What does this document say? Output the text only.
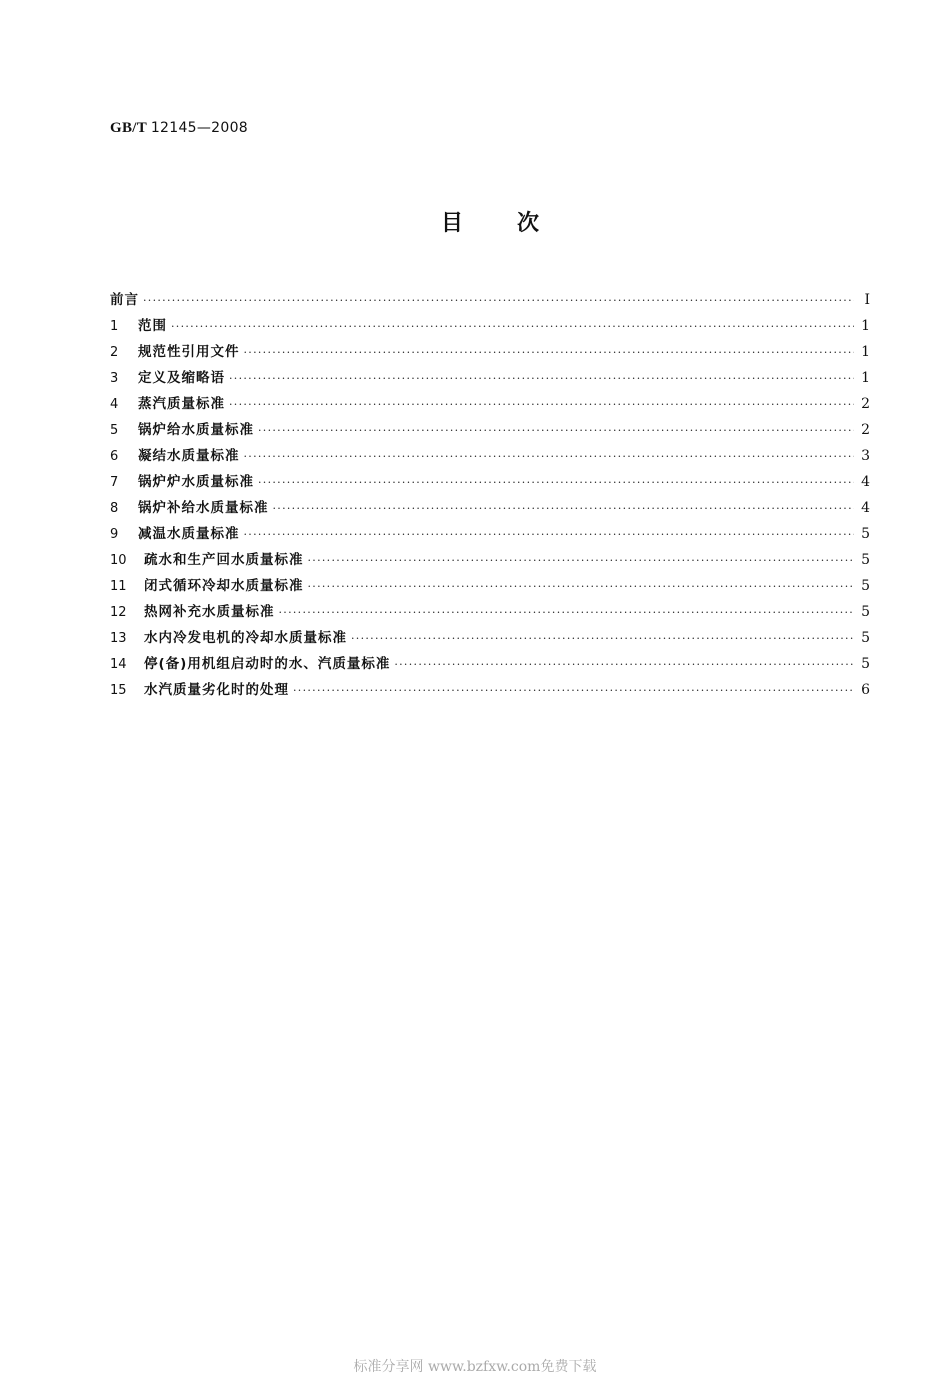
GB/T 12145—2008
目 次
前言 ·····	Ⅰ
1	范围 ·····	1
2	规范性引用文件 ·····	1
3	定义及缩略语 ·····	1
4	蒸汽质量标准 ·····	2
5	锅炉给水质量标准 ·····	2
6	凝结水质量标准 ·····	3
7	锅炉炉水质量标准 ·····	4
8	锅炉补给水质量标准 ·····	4
9	减温水质量标准 ·····	5
10	疏水和生产回水质量标准 ·····	5
11	闭式循环冷却水质量标准 ·····	5
12	热网补充水质量标准 ·····	5
13	水内冷发电机的冷却水质量标准 ·····	5
14	停(备)用机组启动时的水、汽质量标准 ·····	5
15	水汽质量劣化时的处理 ·····	6
标准分享网 www.bzfxw.com免费下载
